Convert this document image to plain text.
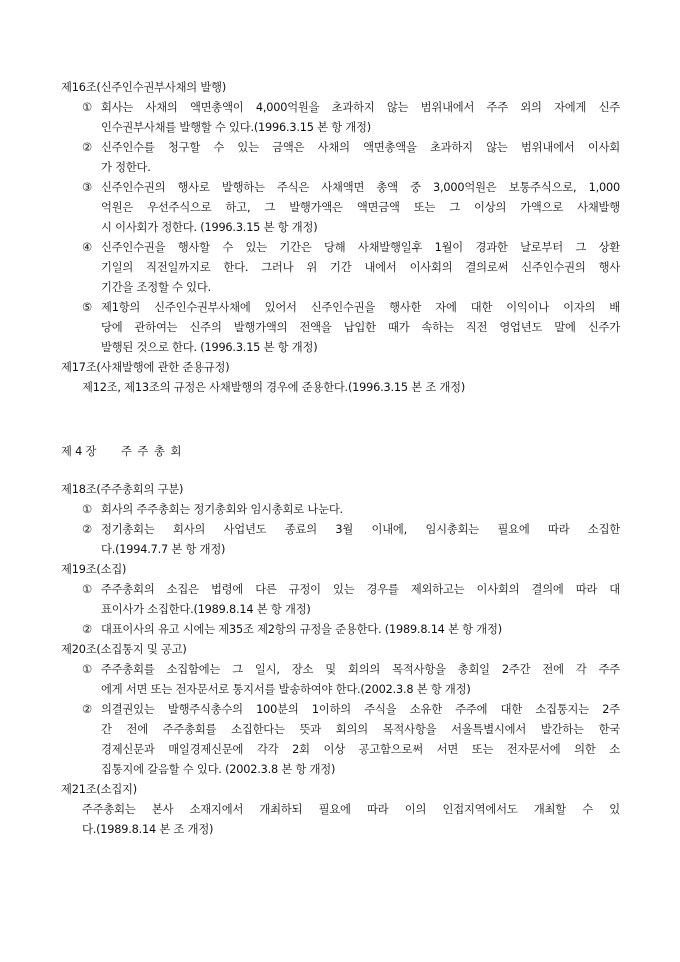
제16조(신주인수권부사채의 발행)
① 회사는 사채의 액면총액이 4,000억원을 초과하지 않는 범위내에서 주주 외의 자에게 신주
인수권부사채를 발행할 수 있다.(1996.3.15 본 항 개정)
② 신주인수를 청구할 수 있는 금액은 사채의 액면총액을 초과하지 않는 범위내에서 이사회
가 정한다.
③ 신주인수권의 행사로 발행하는 주식은 사채액면 총액 중 3,000억원은 보통주식으로, 1,000
억원은 우선주식으로 하고, 그 발행가액은 액면금액 또는 그 이상의 가액으로 사채발행
시 이사회가 정한다. (1996.3.15 본 항 개정)
④ 신주인수권을 행사할 수 있는 기간은 당해 사채발행일후 1월이 경과한 날로부터 그 상환
기일의 직전일까지로 한다. 그러나 위 기간 내에서 이사회의 결의로써 신주인수권의 행사
기간을 조정할 수 있다.
⑤ 제1항의 신주인수권부사채에 있어서 신주인수권을 행사한 자에 대한 이익이나 이자의 배
당에 관하여는 신주의 발행가액의 전액을 납입한 때가 속하는 직전 영업년도 말에 신주가
발행된 것으로 한다. (1996.3.15 본 항 개정)
제17조(사채발행에 관한 준용규정)
제12조, 제13조의 규정은 사채발행의 경우에 준용한다.(1996.3.15 본 조 개정)
제 4 장 주 주 총 회
제18조(주주총회의 구분)
① 회사의 주주총회는 정기총회와 임시총회로 나눈다.
② 정기총회는 회사의 사업년도 종료의 3월 이내에, 임시총회는 필요에 따라 소집한
다.(1994.7.7 본 항 개정)
제19조(소집)
① 주주총회의 소집은 법령에 다른 규정이 있는 경우를 제외하고는 이사회의 결의에 따라 대
표이사가 소집한다.(1989.8.14 본 항 개정)
② 대표이사의 유고 시에는 제35조 제2항의 규정을 준용한다. (1989.8.14 본 항 개정)
제20조(소집통지 및 공고)
① 주주총회를 소집함에는 그 일시, 장소 및 회의의 목적사항을 총회일 2주간 전에 각 주주
에게 서면 또는 전자문서로 통지서를 발송하여야 한다.(2002.3.8 본 항 개정)
② 의결권있는 발행주식총수의 100분의 1이하의 주식을 소유한 주주에 대한 소집통지는 2주
간 전에 주주총회를 소집한다는 뜻과 회의의 목적사항을 서울특별시에서 발간하는 한국
경제신문과 매일경제신문에 각각 2회 이상 공고함으로써 서면 또는 전자문서에 의한 소
집통지에 갈음할 수 있다. (2002.3.8 본 항 개정)
제21조(소집지)
주주총회는 본사 소재지에서 개최하되 필요에 따라 이의 인접지역에서도 개최할 수 있
다.(1989.8.14 본 조 개정)
